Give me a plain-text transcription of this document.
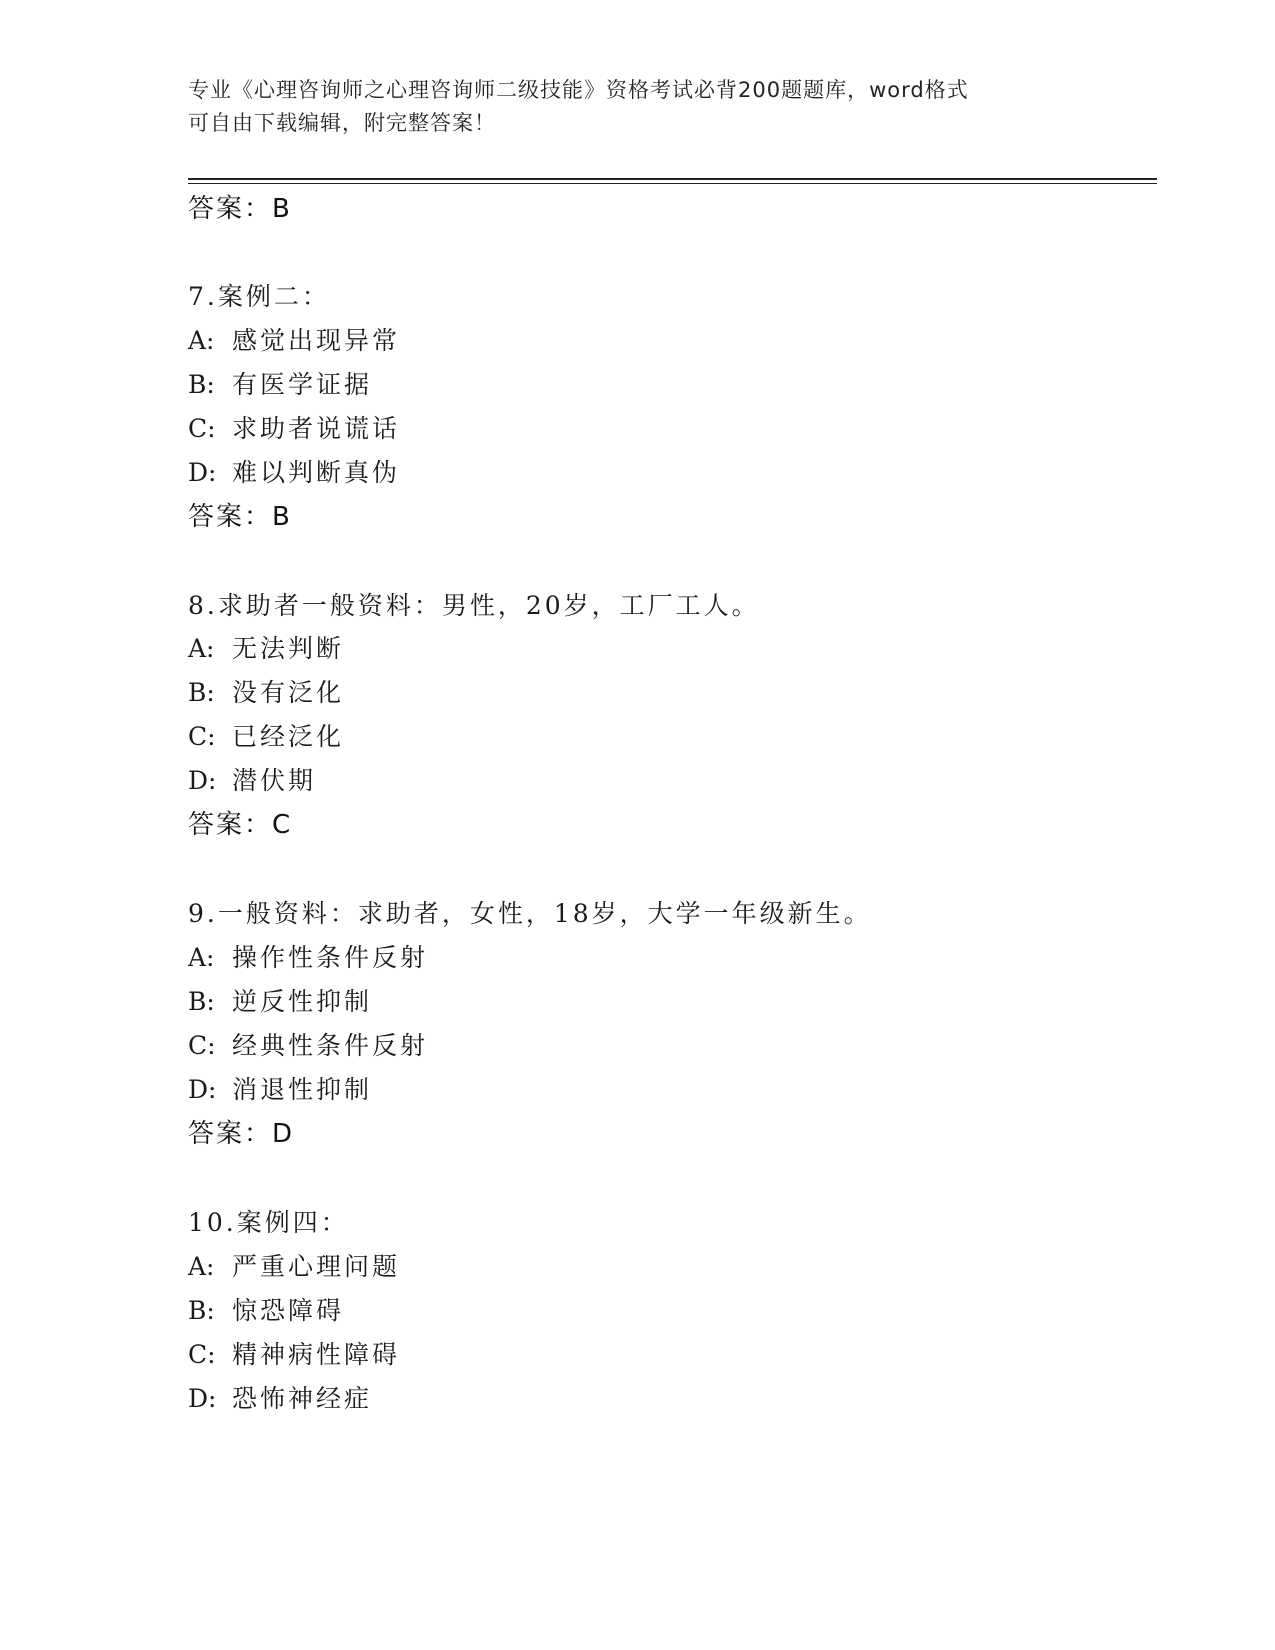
专业《心理咨询师之心理咨询师二级技能》资格考试必背200题题库，word格式
可自由下载编辑，附完整答案！
答案：B
7.案例二：
A: 感觉出现异常
B: 有医学证据
C: 求助者说谎话
D: 难以判断真伪
答案：B
8.求助者一般资料：男性，20岁，工厂工人。
A: 无法判断
B: 没有泛化
C: 已经泛化
D: 潜伏期
答案：C
9.一般资料：求助者，女性，18岁，大学一年级新生。
A: 操作性条件反射
B: 逆反性抑制
C: 经典性条件反射
D: 消退性抑制
答案：D
10.案例四：
A: 严重心理问题
B: 惊恐障碍
C: 精神病性障碍
D: 恐怖神经症
